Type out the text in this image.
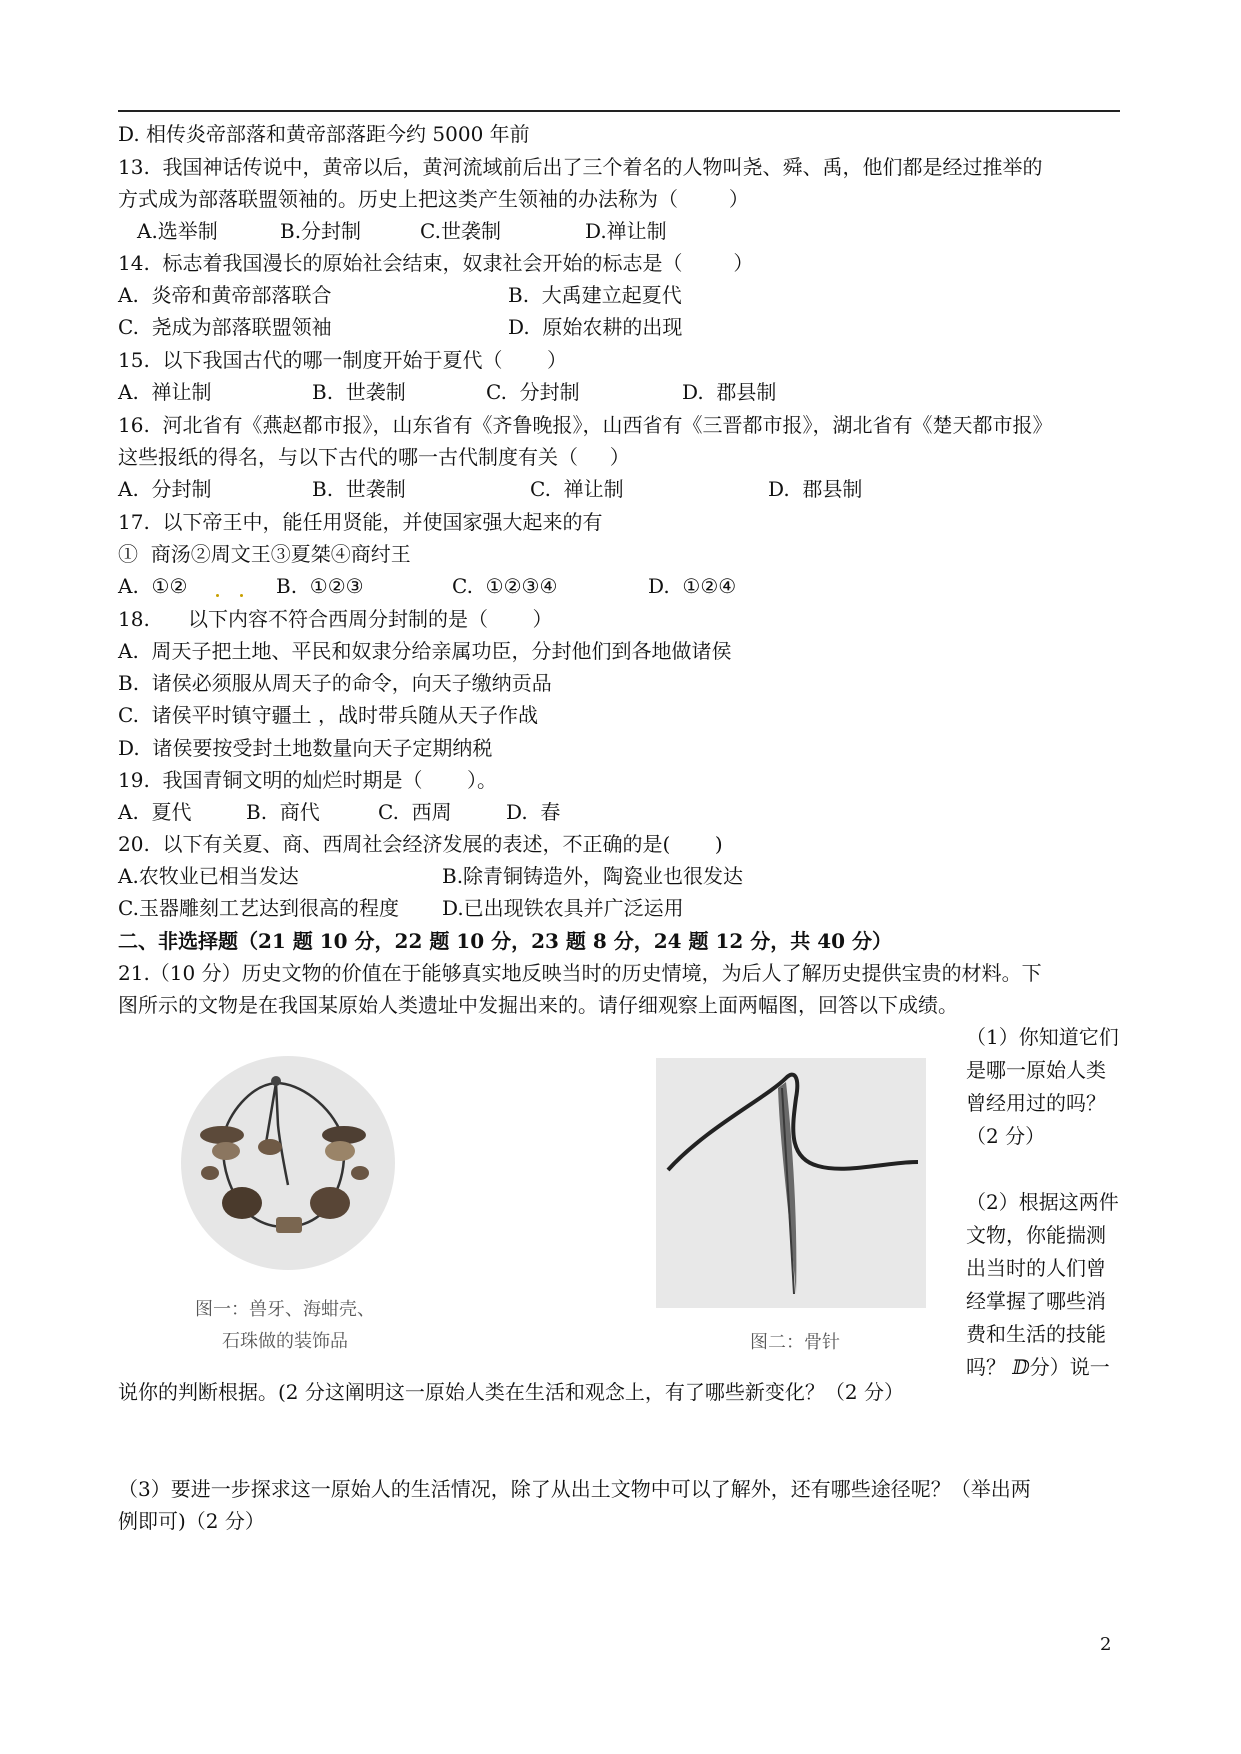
D. 相传炎帝部落和黄帝部落距今约 5000 年前
13.  我国神话传说中，黄帝以后，黄河流域前后出了三个着名的人物叫尧、舜、禹，他们都是经过推举的
方式成为部落联盟领袖的。历史上把这类产生领袖的办法称为（        ）
A.选举制	B.分封制	C.世袭制	D.禅让制
14.  标志着我国漫长的原始社会结束，奴隶社会开始的标志是（        ）
A.  炎帝和黄帝部落联合	B.  大禹建立起夏代
C.  尧成为部落联盟领袖	D.  原始农耕的出现
15.  以下我国古代的哪一制度开始于夏代（       ）
A.  禅让制	B.  世袭制	C.  分封制	D.  郡县制
16.  河北省有《燕赵都市报》，山东省有《齐鲁晚报》，山西省有《三晋都市报》，湖北省有《楚天都市报》
这些报纸的得名，与以下古代的哪一古代制度有关（     ）
A.  分封制	B.  世袭制	C.  禅让制	D.  郡县制
17.  以下帝王中，能任用贤能，并使国家强大起来的有
①  商汤②周文王③夏桀④商纣王
A.  ①②	B.  ①②③	C.  ①②③④	D.  ①②④
18.      以下内容不符合西周分封制的是（       ）
A.  周天子把土地、平民和奴隶分给亲属功臣，分封他们到各地做诸侯
B.  诸侯必须服从周天子的命令，向天子缴纳贡品
C.  诸侯平时镇守疆土 ，战时带兵随从天子作战
D.  诸侯要按受封土地数量向天子定期纳税
19.  我国青铜文明的灿烂时期是（       ）。
A.  夏代	B.  商代	C.  西周	D.  春
20.  以下有关夏、商、西周社会经济发展的表述，不正确的是(       )
A.农牧业已相当发达	B.除青铜铸造外，陶瓷业也很发达
C.玉器雕刻工艺达到很高的程度 D.已出现铁农具并广泛运用
二、非选择题（21 题 10 分，22 题 10 分，23 题 8 分，24 题 12 分，共 40 分）
21.（10 分）历史文物的价值在于能够真实地反映当时的历史情境，为后人了解历史提供宝贵的材料。下
图所示的文物是在我国某原始人类遗址中发掘出来的。请仔细观察上面两幅图，回答以下成绩。
图一：兽牙、海蚶壳、
石珠做的装饰品	图二：骨针
（1）你知道它们
是哪一原始人类
曾经用过的吗？
（2 分）
（2）根据这两件
文物，你能揣测
出当时的人们曾
经掌握了哪些消
费和生活的技能
吗？ ⅅ分）说一
说你的判断根据。(2 分这阐明这一原始人类在生活和观念上，有了哪些新变化？（2 分）
（3）要进一步探求这一原始人的生活情况，除了从出土文物中可以了解外，还有哪些途径呢？（举出两
例即可)（2 分）
2
